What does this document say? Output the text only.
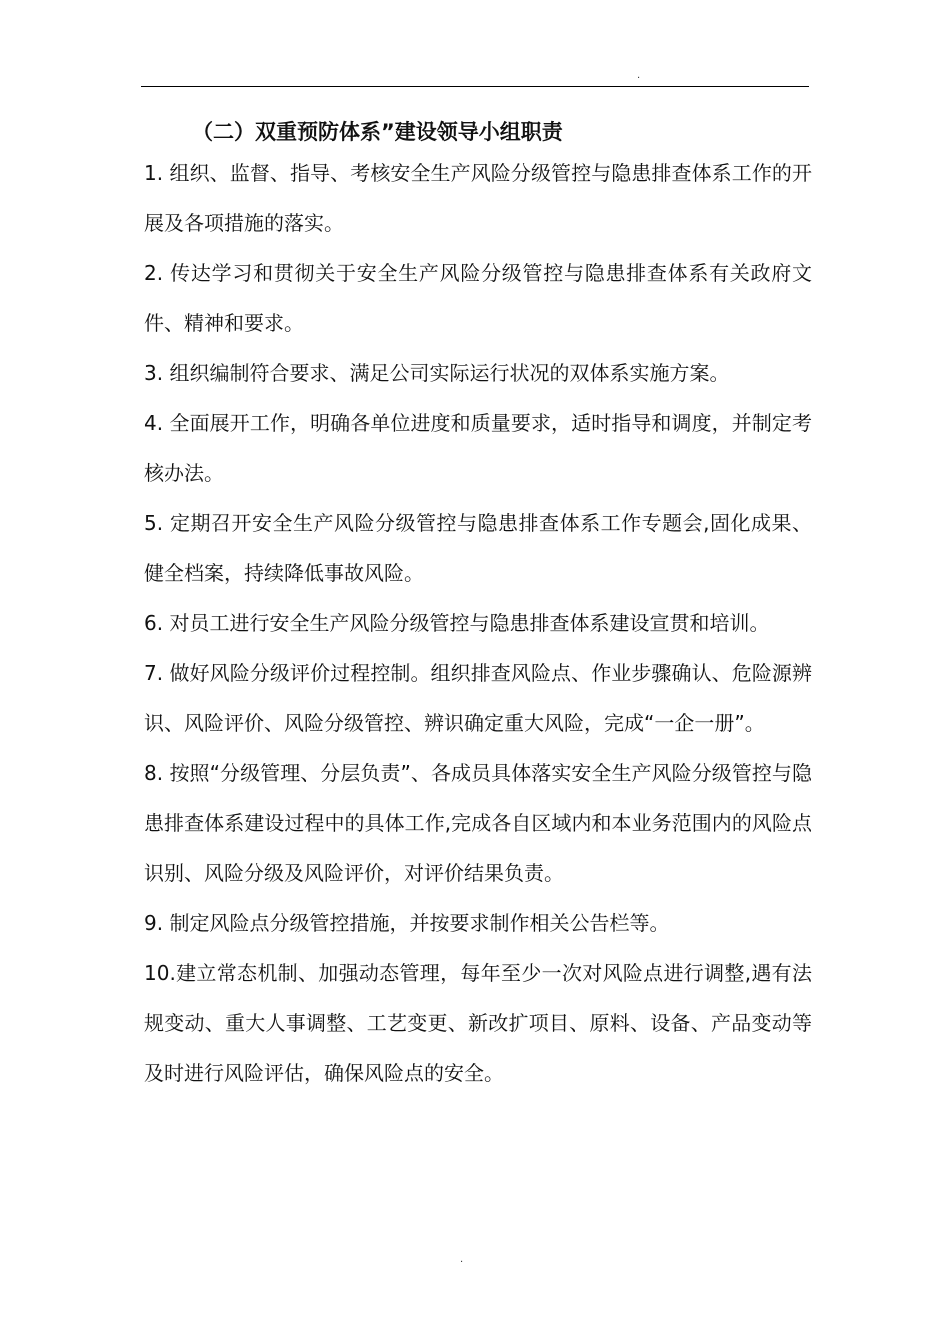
.
（二）双重预防体系”建设领导小组职责

1. 组织、监督、指导、考核安全生产风险分级管控与隐患排查体系工作的开展及各项措施的落实。

2. 传达学习和贯彻关于安全生产风险分级管控与隐患排查体系有关政府文件、精神和要求。

3. 组织编制符合要求、满足公司实际运行状况的双体系实施方案。

4. 全面展开工作，明确各单位进度和质量要求，适时指导和调度，并制定考核办法。

5. 定期召开安全生产风险分级管控与隐患排查体系工作专题会,固化成果、健全档案，持续降低事故风险。

6. 对员工进行安全生产风险分级管控与隐患排查体系建设宣贯和培训。

7. 做好风险分级评价过程控制。组织排查风险点、作业步骤确认、危险源辨识、风险评价、风险分级管控、辨识确定重大风险，完成“一企一册”。

8. 按照“分级管理、分层负责”、各成员具体落实安全生产风险分级管控与隐患排查体系建设过程中的具体工作,完成各自区域内和本业务范围内的风险点识别、风险分级及风险评价，对评价结果负责。

9. 制定风险点分级管控措施，并按要求制作相关公告栏等。

10.建立常态机制、加强动态管理，每年至少一次对风险点进行调整,遇有法规变动、重大人事调整、工艺变更、新改扩项目、原料、设备、产品变动等及时进行风险评估，确保风险点的安全。

.
